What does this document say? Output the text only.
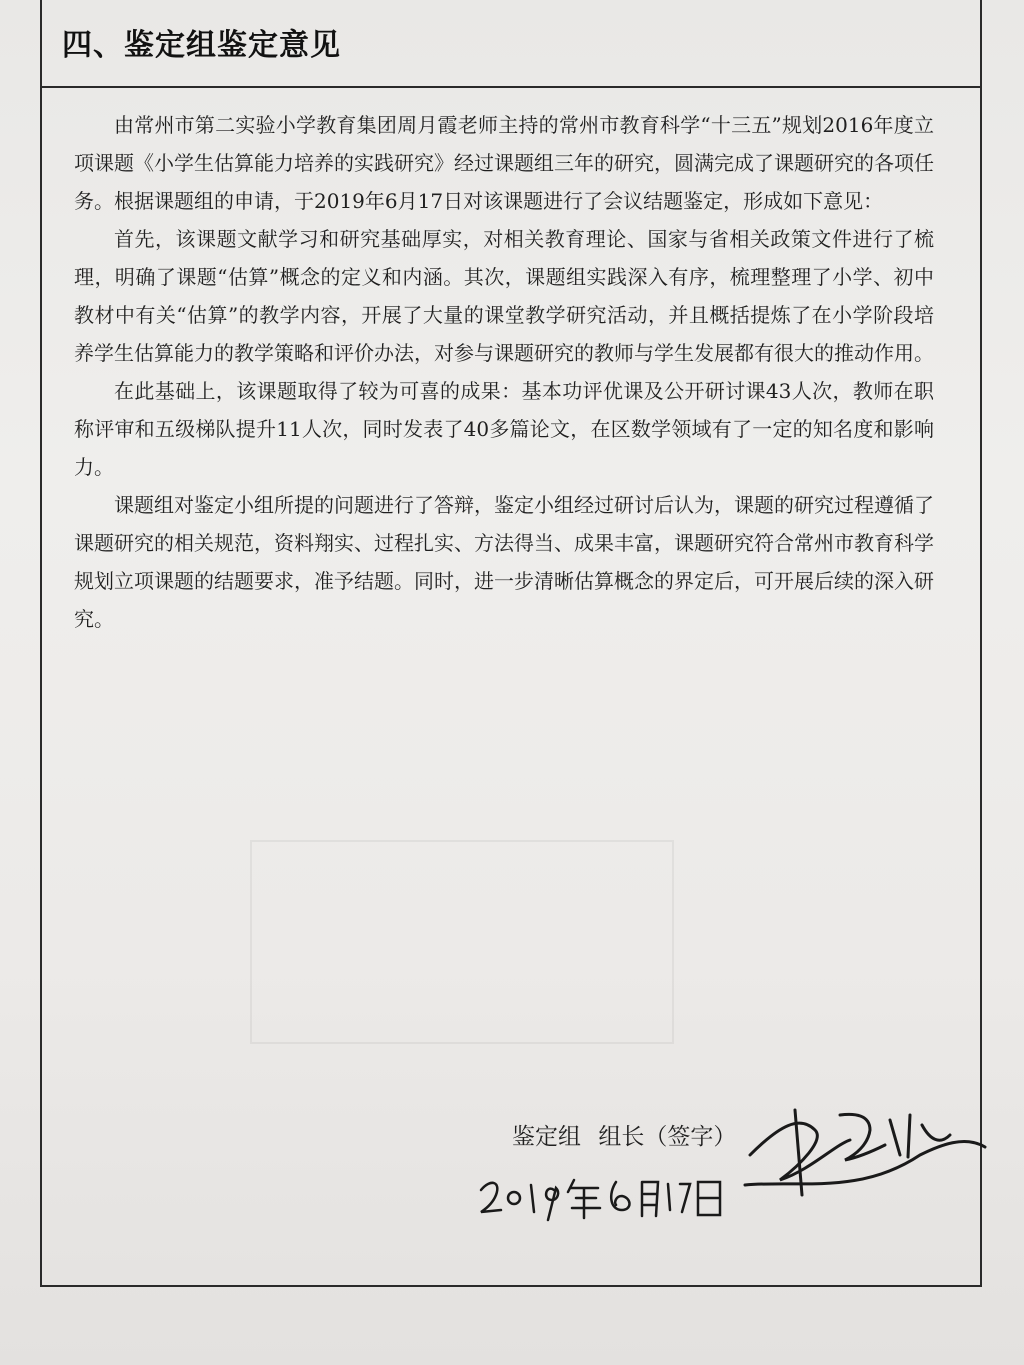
四、鉴定组鉴定意见

由常州市第二实验小学教育集团周月霞老师主持的常州市教育科学“十三五”规划2016年度立项课题《小学生估算能力培养的实践研究》经过课题组三年的研究，圆满完成了课题研究的各项任务。根据课题组的申请，于2019年6月17日对该课题进行了会议结题鉴定，形成如下意见：

首先，该课题文献学习和研究基础厚实，对相关教育理论、国家与省相关政策文件进行了梳理，明确了课题“估算”概念的定义和内涵。其次，课题组实践深入有序，梳理整理了小学、初中教材中有关“估算”的教学内容，开展了大量的课堂教学研究活动，并且概括提炼了在小学阶段培养学生估算能力的教学策略和评价办法，对参与课题研究的教师与学生发展都有很大的推动作用。

在此基础上，该课题取得了较为可喜的成果：基本功评优课及公开研讨课43人次，教师在职称评审和五级梯队提升11人次，同时发表了40多篇论文，在区数学领域有了一定的知名度和影响力。

课题组对鉴定小组所提的问题进行了答辩，鉴定小组经过研讨后认为，课题的研究过程遵循了课题研究的相关规范，资料翔实、过程扎实、方法得当、成果丰富，课题研究符合常州市教育科学规划立项课题的结题要求，准予结题。同时，进一步清晰估算概念的界定后，可开展后续的深入研究。

鉴定组 组长（签字）
